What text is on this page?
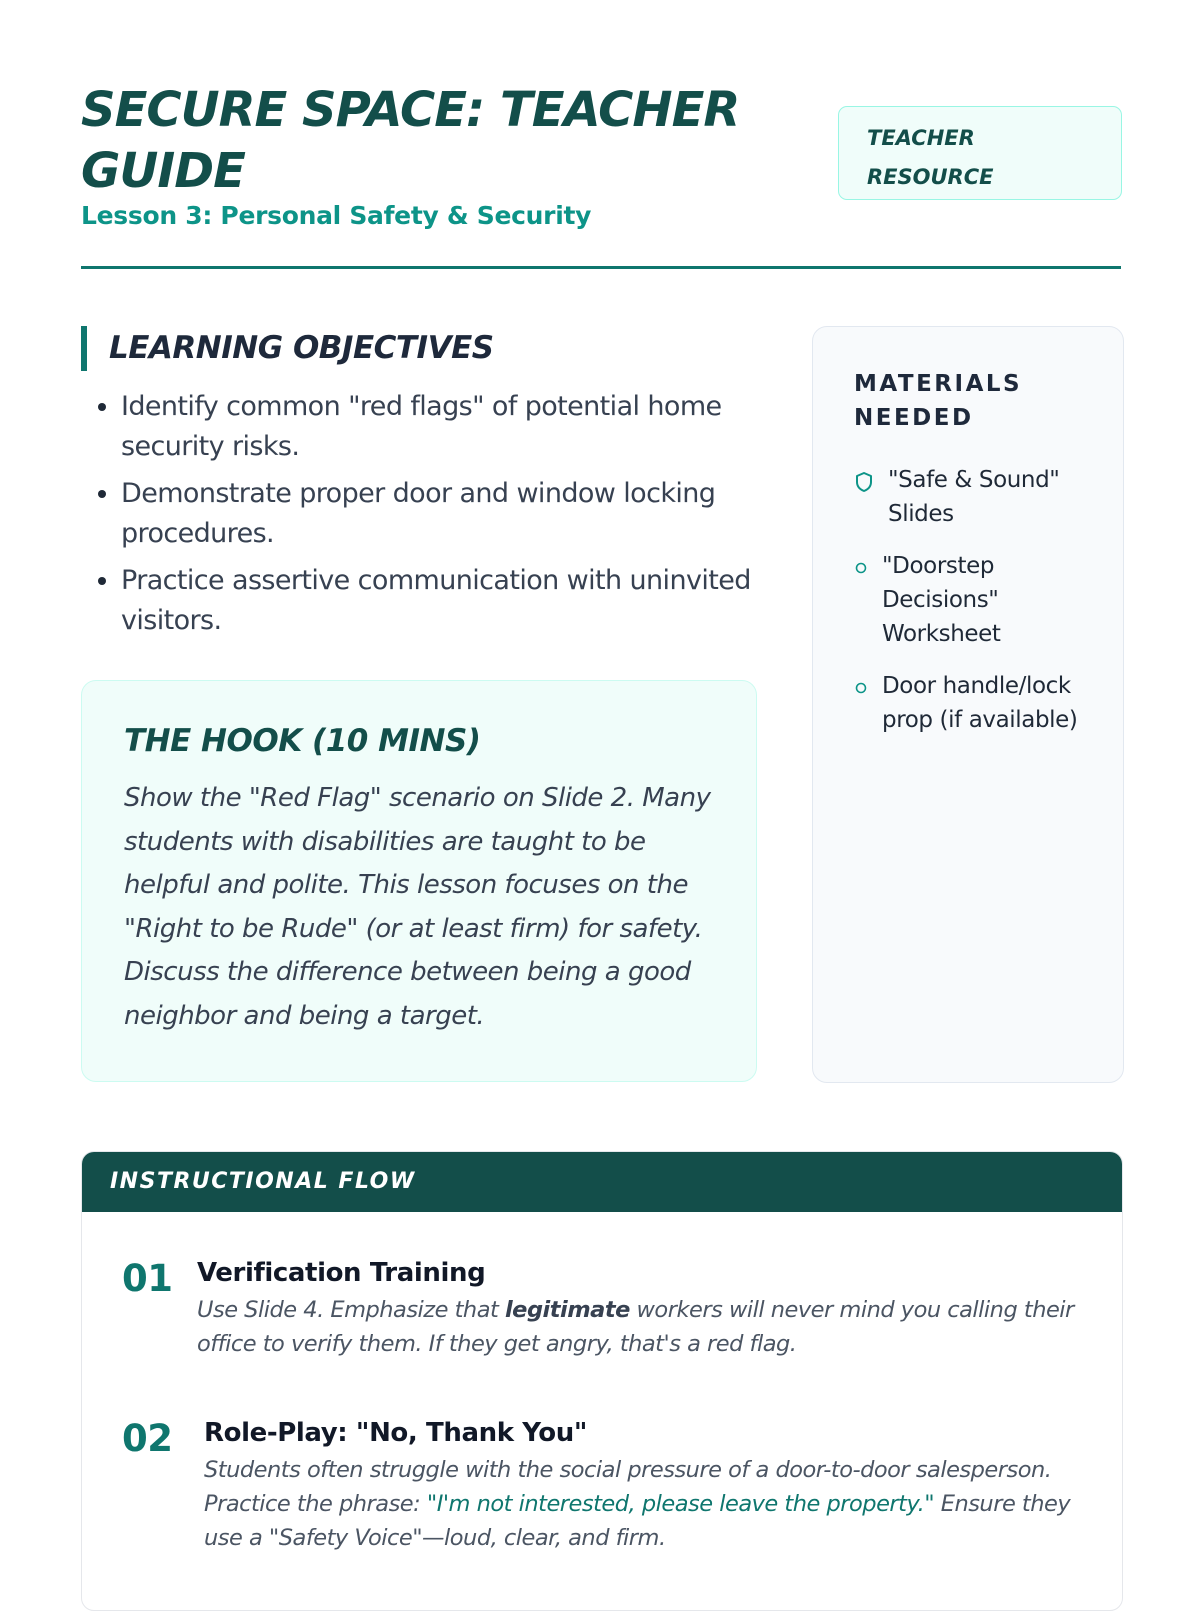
SECURE SPACE: TEACHER GUIDE

Lesson 3: Personal Safety & Security

TEACHER RESOURCE
LEARNING OBJECTIVES
• Identify common "red flags" of potential home security risks.
• Demonstrate proper door and window locking procedures.
• Practice assertive communication with uninvited visitors.
THE HOOK (10 MINS)

Show the "Red Flag" scenario on Slide 2. Many students with disabilities are taught to be helpful and polite. This lesson focuses on the "Right to be Rude" (or at least firm) for safety. Discuss the difference between being a good neighbor and being a target.

MATERIALS NEEDED
"Safe & Sound" Slides
"Doorstep Decisions" Worksheet
Door handle/lock prop (if available)
INSTRUCTIONAL FLOW
01 Verification Training

Use Slide 4. Emphasize that legitimate workers will never mind you calling their office to verify them. If they get angry, that's a red flag.

02 Role-Play: "No, Thank You"

Students often struggle with the social pressure of a door-to-door salesperson. Practice the phrase: "I'm not interested, please leave the property." Ensure they use a "Safety Voice"—loud, clear, and firm.
